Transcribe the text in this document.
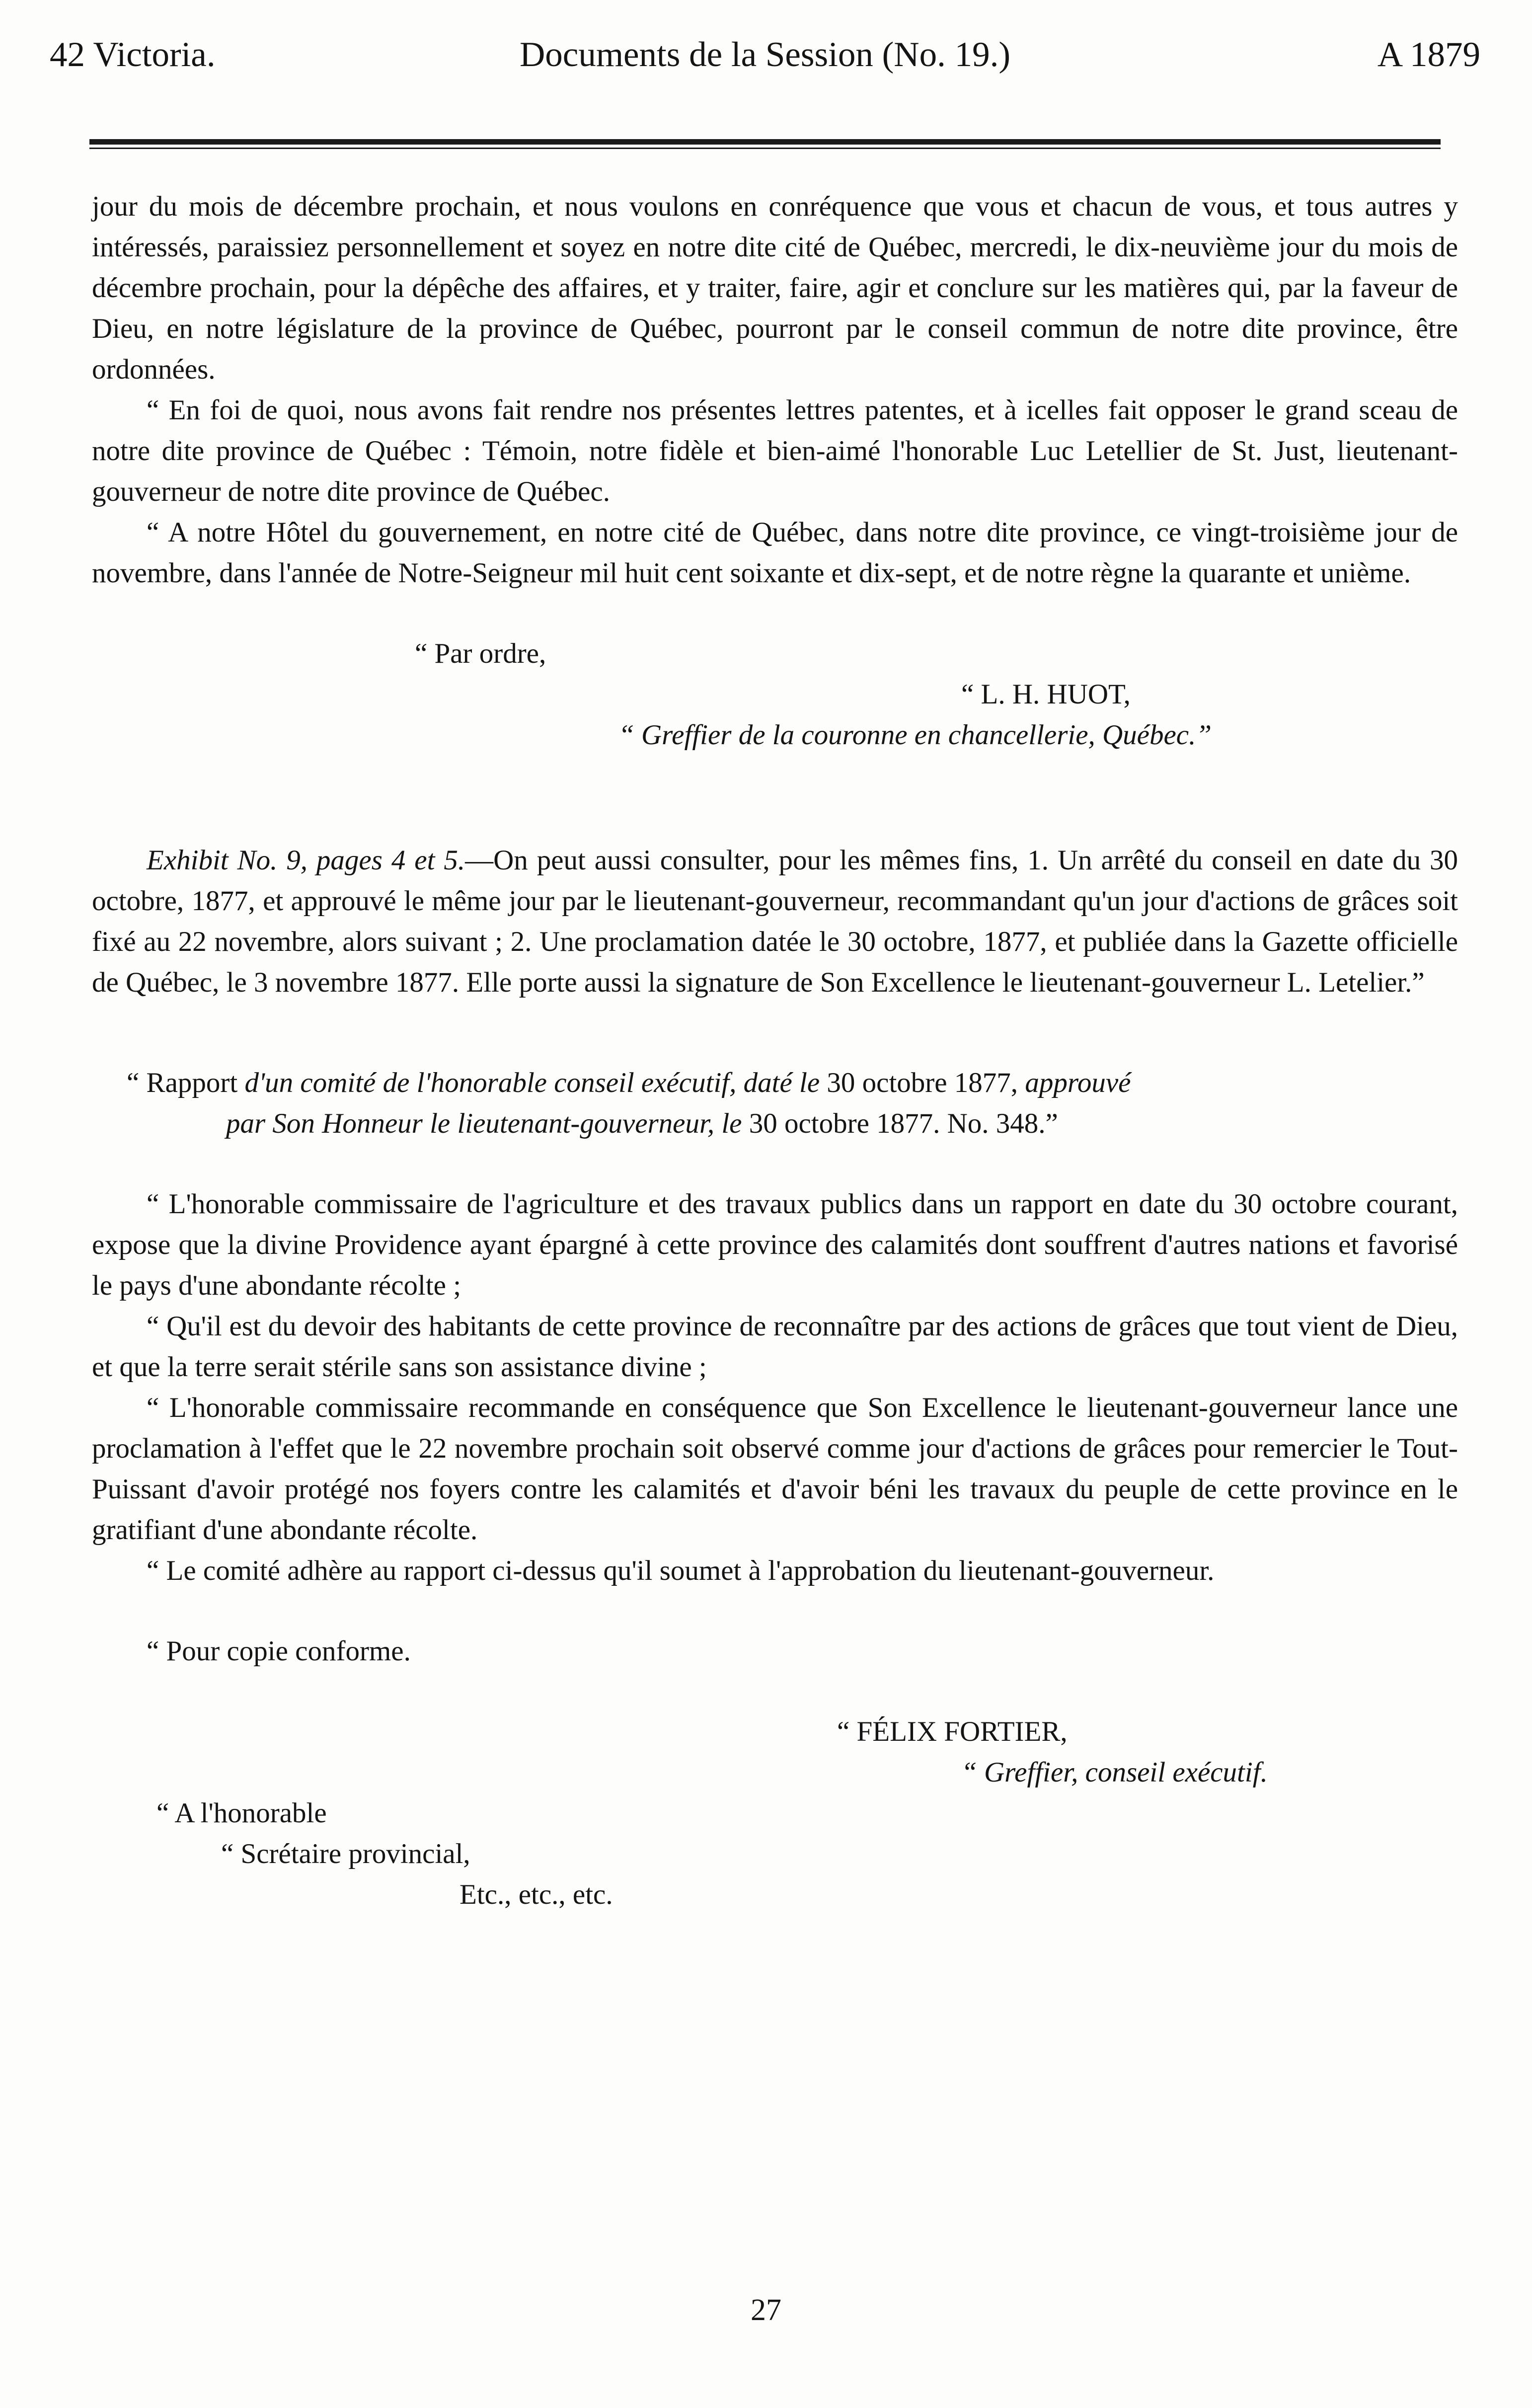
42 Victoria.	Documents de la Session (No. 19.)	A 1879

jour du mois de décembre prochain, et nous voulons en conréquence que vous et chacun de vous, et tous autres y intéressés, paraissiez personnellement et soyez en notre dite cité de Québec, mercredi, le dix-neuvième jour du mois de décembre prochain, pour la dépêche des affaires, et y traiter, faire, agir et conclure sur les matières qui, par la faveur de Dieu, en notre législature de la province de Québec, pourront par le conseil commun de notre dite province, être ordonnées.

“ En foi de quoi, nous avons fait rendre nos présentes lettres patentes, et à icelles fait opposer le grand sceau de notre dite province de Québec : Témoin, notre fidèle et bien-aimé l'honorable Luc Letellier de St. Just, lieutenant-gouverneur de notre dite province de Québec.

“ A notre Hôtel du gouvernement, en notre cité de Québec, dans notre dite province, ce vingt-troisième jour de novembre, dans l'année de Notre-Seigneur mil huit cent soixante et dix-sept, et de notre règne la quarante et unième.

“ Par ordre,
“ L. H. HUOT,
“ Greffier de la couronne en chancellerie, Québec.”

Exhibit No. 9, pages 4 et 5.—On peut aussi consulter, pour les mêmes fins, 1. Un arrêté du conseil en date du 30 octobre, 1877, et approuvé le même jour par le lieutenant-gouverneur, recommandant qu'un jour d'actions de grâces soit fixé au 22 novembre, alors suivant ; 2. Une proclamation datée le 30 octobre, 1877, et publiée dans la Gazette officielle de Québec, le 3 novembre 1877. Elle porte aussi la signature de Son Excellence le lieutenant-gouverneur L. Letelier.”

“ Rapport d'un comité de l'honorable conseil exécutif, daté le 30 octobre 1877, approuvé
par Son Honneur le lieutenant-gouverneur, le 30 octobre 1877. No. 348.”

“ L'honorable commissaire de l'agriculture et des travaux publics dans un rapport en date du 30 octobre courant, expose que la divine Providence ayant épargné à cette province des calamités dont souffrent d'autres nations et favorisé le pays d'une abondante récolte ;

“ Qu'il est du devoir des habitants de cette province de reconnaître par des actions de grâces que tout vient de Dieu, et que la terre serait stérile sans son assistance divine ;

“ L'honorable commissaire recommande en conséquence que Son Excellence le lieutenant-gouverneur lance une proclamation à l'effet que le 22 novembre prochain soit observé comme jour d'actions de grâces pour remercier le Tout-Puissant d'avoir protégé nos foyers contre les calamités et d'avoir béni les travaux du peuple de cette province en le gratifiant d'une abondante récolte.

“ Le comité adhère au rapport ci-dessus qu'il soumet à l'approbation du lieutenant-gouverneur.

“ Pour copie conforme.

“ FÉLIX FORTIER,
“ Greffier, conseil exécutif.
“ A l'honorable
“ Scrétaire provincial,
Etc., etc., etc.
27
